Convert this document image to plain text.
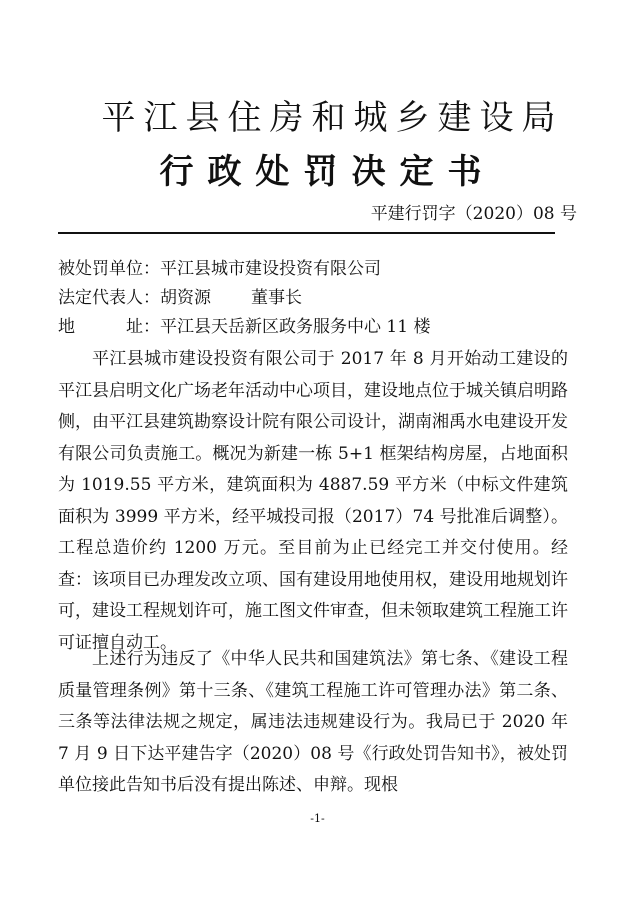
平江县住房和城乡建设局
行政处罚决定书
平建行罚字（2020）08 号
被处罚单位：平江县城市建设投资有限公司
法定代表人：胡资源 董事长
地	址：平江县天岳新区政务服务中心 11 楼
平江县城市建设投资有限公司于 2017 年 8 月开始动工建设的平江县启明文化广场老年活动中心项目，建设地点位于城关镇启明路侧，由平江县建筑勘察设计院有限公司设计，湖南湘禹水电建设开发有限公司负责施工。概况为新建一栋 5+1 框架结构房屋，占地面积为 1019.55 平方米，建筑面积为 4887.59 平方米（中标文件建筑面积为 3999 平方米，经平城投司报（2017）74 号批准后调整）。工程总造价约 1200 万元。至目前为止已经完工并交付使用。经查：该项目已办理发改立项、国有建设用地使用权，建设用地规划许可，建设工程规划许可，施工图文件审查，但未领取建筑工程施工许可证擅自动工。
上述行为违反了《中华人民共和国建筑法》第七条、《建设工程质量管理条例》第十三条、《建筑工程施工许可管理办法》第二条、三条等法律法规之规定，属违法违规建设行为。我局已于 2020 年 7 月 9 日下达平建告字（2020）08 号《行政处罚告知书》，被处罚单位接此告知书后没有提出陈述、申辩。现根
-1-
